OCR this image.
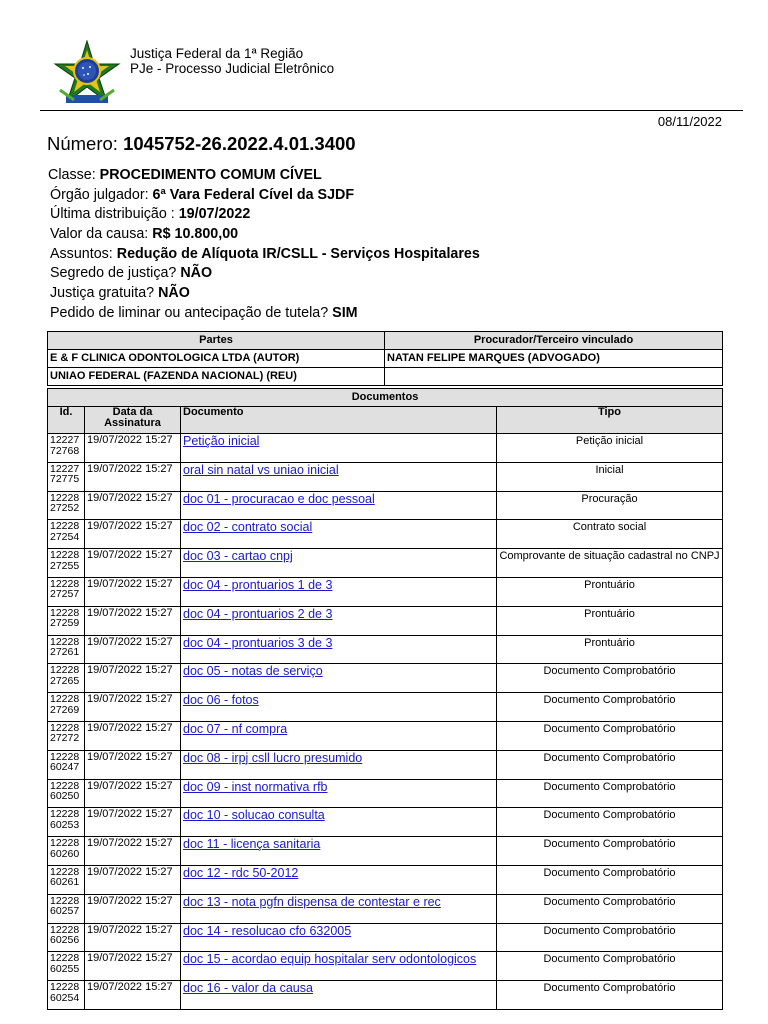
Justiça Federal da 1ª Região
PJe - Processo Judicial Eletrônico
08/11/2022
Número: 1045752-26.2022.4.01.3400
Classe: PROCEDIMENTO COMUM CÍVEL
Órgão julgador: 6ª Vara Federal Cível da SJDF
Última distribuição : 19/07/2022
Valor da causa: R$ 10.800,00
Assuntos: Redução de Alíquota IR/CSLL - Serviços Hospitalares
Segredo de justiça? NÃO
Justiça gratuita? NÃO
Pedido de liminar ou antecipação de tutela? SIM
Partes	Procurador/Terceiro vinculado
E & F CLINICA ODONTOLOGICA LTDA (AUTOR)	NATAN FELIPE MARQUES (ADVOGADO)
UNIAO FEDERAL (FAZENDA NACIONAL) (REU)	
Documentos			
Id.	Data da Assinatura	Documento	Tipo
1222772768	19/07/2022 15:27	Petição inicial	Petição inicial
1222772775	19/07/2022 15:27	oral sin natal vs uniao inicial	Inicial
1222827252	19/07/2022 15:27	doc 01 - procuracao e doc pessoal	Procuração
1222827254	19/07/2022 15:27	doc 02 - contrato social	Contrato social
1222827255	19/07/2022 15:27	doc 03 - cartao cnpj	Comprovante de situação cadastral no CNPJ
1222827257	19/07/2022 15:27	doc 04 - prontuarios 1 de 3	Prontuário
1222827259	19/07/2022 15:27	doc 04 - prontuarios 2 de 3	Prontuário
1222827261	19/07/2022 15:27	doc 04 - prontuarios 3 de 3	Prontuário
1222827265	19/07/2022 15:27	doc 05 - notas de serviço	Documento Comprobatório
1222827269	19/07/2022 15:27	doc 06 - fotos	Documento Comprobatório
1222827272	19/07/2022 15:27	doc 07 - nf compra	Documento Comprobatório
1222860247	19/07/2022 15:27	doc 08 - irpj csll lucro presumido	Documento Comprobatório
1222860250	19/07/2022 15:27	doc 09 - inst normativa rfb	Documento Comprobatório
1222860253	19/07/2022 15:27	doc 10 - solucao consulta	Documento Comprobatório
1222860260	19/07/2022 15:27	doc 11 - licença sanitaria	Documento Comprobatório
1222860261	19/07/2022 15:27	doc 12 - rdc 50-2012	Documento Comprobatório
1222860257	19/07/2022 15:27	doc 13 - nota pgfn dispensa de contestar e rec	Documento Comprobatório
1222860256	19/07/2022 15:27	doc 14 - resolucao cfo 632005	Documento Comprobatório
1222860255	19/07/2022 15:27	doc 15 - acordao equip hospitalar serv odontologicos	Documento Comprobatório
1222860254	19/07/2022 15:27	doc 16 - valor da causa	Documento Comprobatório
